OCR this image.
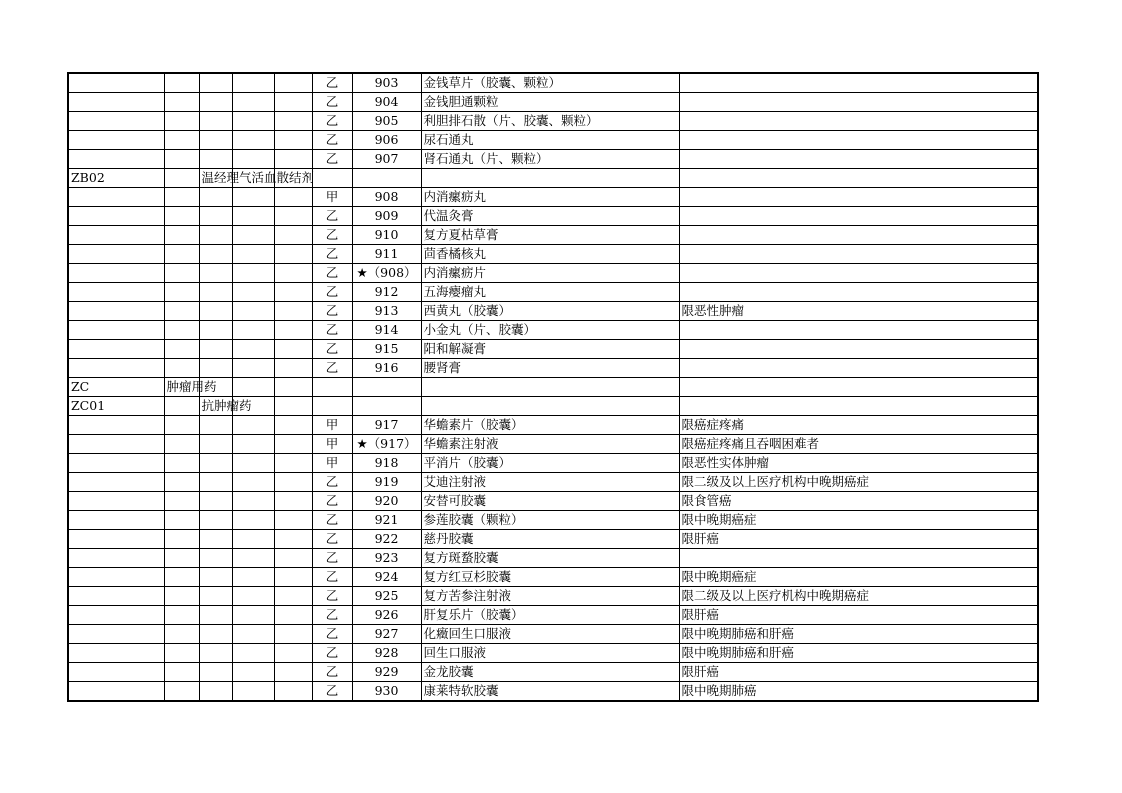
					乙	903	金钱草片（胶囊、颗粒）	
					乙	904	金钱胆通颗粒	
					乙	905	利胆排石散（片、胶囊、颗粒）	
					乙	906	尿石通丸	
					乙	907	肾石通丸（片、颗粒）	
ZB02		温经理气活血散结剂						
					甲	908	内消瘰疬丸	
					乙	909	代温灸膏	
					乙	910	复方夏枯草膏	
					乙	911	茴香橘核丸	
					乙	★（908）	内消瘰疬片	
					乙	912	五海瘿瘤丸	
					乙	913	西黄丸（胶囊）	限恶性肿瘤
					乙	914	小金丸（片、胶囊）	
					乙	915	阳和解凝膏	
					乙	916	腰肾膏	
ZC	肿瘤用药							
ZC01		抗肿瘤药						
					甲	917	华蟾素片（胶囊）	限癌症疼痛
					甲	★（917）	华蟾素注射液	限癌症疼痛且吞咽困难者
					甲	918	平消片（胶囊）	限恶性实体肿瘤
					乙	919	艾迪注射液	限二级及以上医疗机构中晚期癌症
					乙	920	安替可胶囊	限食管癌
					乙	921	参莲胶囊（颗粒）	限中晚期癌症
					乙	922	慈丹胶囊	限肝癌
					乙	923	复方斑蝥胶囊	
					乙	924	复方红豆杉胶囊	限中晚期癌症
					乙	925	复方苦参注射液	限二级及以上医疗机构中晚期癌症
					乙	926	肝复乐片（胶囊）	限肝癌
					乙	927	化癥回生口服液	限中晚期肺癌和肝癌
					乙	928	回生口服液	限中晚期肺癌和肝癌
					乙	929	金龙胶囊	限肝癌
					乙	930	康莱特软胶囊	限中晚期肺癌
